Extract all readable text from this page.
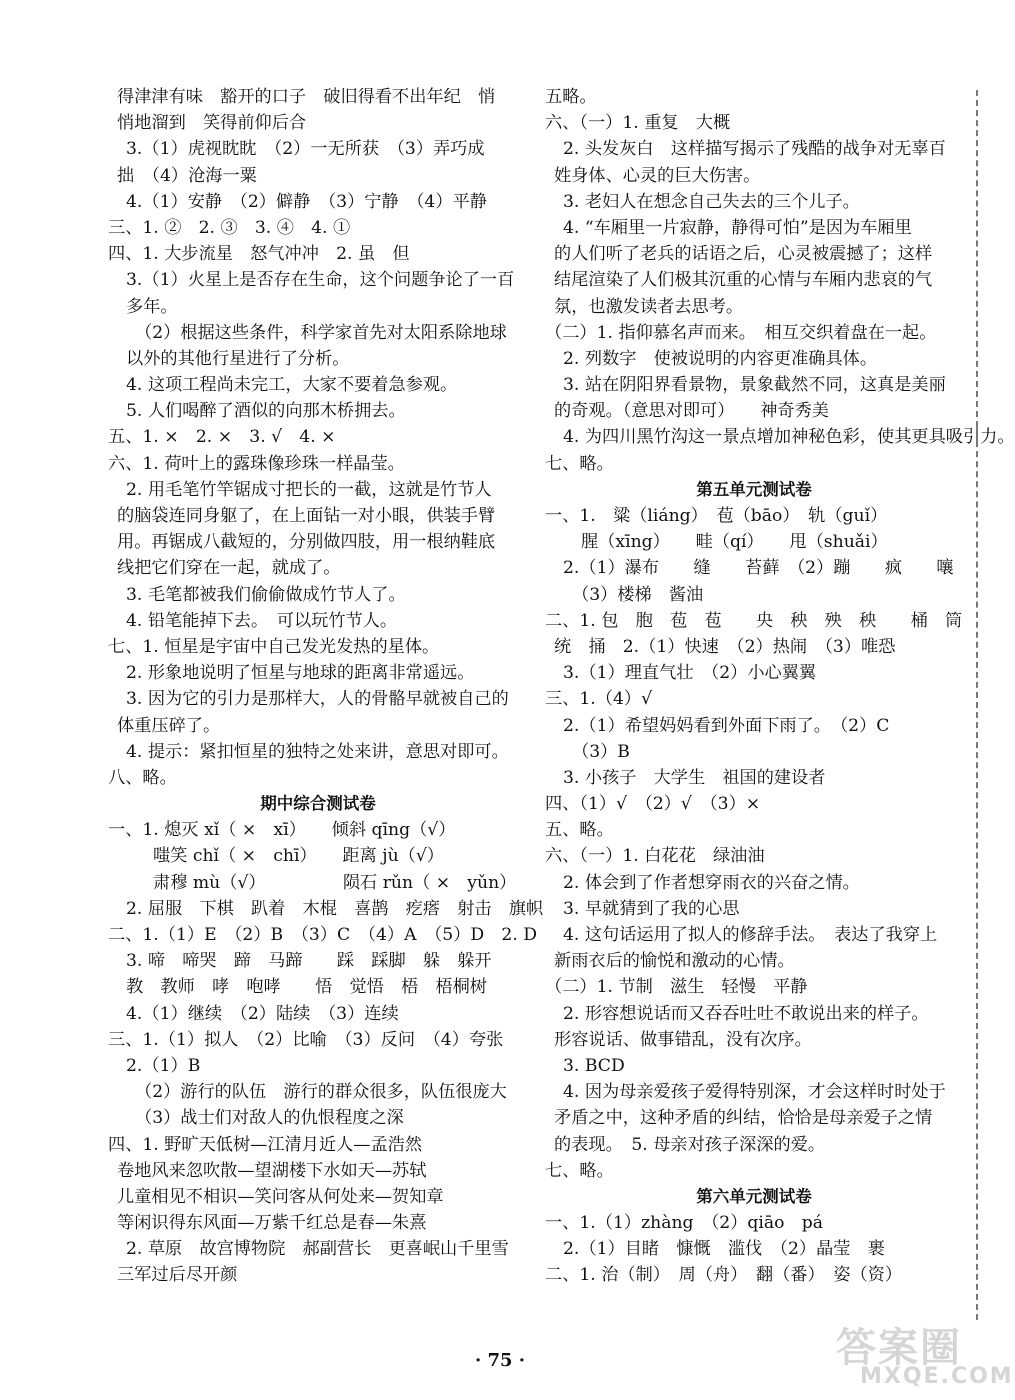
得津津有味　豁开的口子　破旧得看不出年纪　悄
悄地溜到　笑得前仰后合
3.（1）虎视眈眈　（2）一无所获　（3）弄巧成
拙　（4）沧海一粟
4.（1）安静　（2）僻静　（3）宁静　（4）平静
三、1. ②　2. ③　3. ④　4. ①
四、1. 大步流星　怒气冲冲　2. 虽　但
3.（1）火星上是否存在生命，这个问题争论了一百
多年。
（2）根据这些条件，科学家首先对太阳系除地球
以外的其他行星进行了分析。
4. 这项工程尚未完工，大家不要着急参观。
5. 人们喝醉了酒似的向那木桥拥去。
五、1. ×　2. ×　3. √　4. ×
六、1. 荷叶上的露珠像珍珠一样晶莹。
2. 用毛笔竹竿锯成寸把长的一截，这就是竹节人
的脑袋连同身躯了，在上面钻一对小眼，供装手臂
用。再锯成八截短的，分别做四肢，用一根纳鞋底
线把它们穿在一起，就成了。
3. 毛笔都被我们偷偷做成竹节人了。
4. 铅笔能掉下去。　可以玩竹节人。
七、1. 恒星是宇宙中自己发光发热的星体。
2. 形象地说明了恒星与地球的距离非常遥远。
3. 因为它的引力是那样大，人的骨骼早就被自己的
体重压碎了。
4. 提示：紧扣恒星的独特之处来讲，意思对即可。
八、略。
期中综合测试卷
一、1. 熄灭 xǐ（ ×　xī）　　倾斜 qīng（√）
嗤笑 chǐ（ ×　chī）　　距离 jù（√）
肃穆 mù（√）　　　　　陨石 rǔn（ ×　yǔn）
2. 屈服　下棋　趴着　木棍　喜鹊　疙瘩　射击　旗帜
二、1.（1）E　（2）B　（3）C　（4）A　（5）D　2. D
3. 啼　啼哭　蹄　马蹄　　踩　踩脚　躲　躲开
教　教师　哮　咆哮　　悟　觉悟　梧　梧桐树
4.（1）继续　（2）陆续　（3）连续
三、1.（1）拟人　（2）比喻　（3）反问　（4）夸张
2.（1）B
（2）游行的队伍　游行的群众很多，队伍很庞大
（3）战士们对敌人的仇恨程度之深
四、1. 野旷天低树—江清月近人—孟浩然
卷地风来忽吹散—望湖楼下水如天—苏轼
儿童相见不相识—笑问客从何处来—贺知章
等闲识得东风面—万紫千红总是春—朱熹
2. 草原　故宫博物院　郝副营长　更喜岷山千里雪
三军过后尽开颜
五略。
六、（一）1. 重复　大概
2. 头发灰白　这样描写揭示了残酷的战争对无辜百
姓身体、心灵的巨大伤害。
3. 老妇人在想念自己失去的三个儿子。
4. “车厢里一片寂静，静得可怕”是因为车厢里
的人们听了老兵的话语之后，心灵被震撼了；这样
结尾渲染了人们极其沉重的心情与车厢内悲哀的气
氛，也激发读者去思考。
（二）1. 指仰慕名声而来。　相互交织着盘在一起。
2. 列数字　使被说明的内容更准确具体。
3. 站在阴阳界看景物，景象截然不同，这真是美丽
的奇观。（意思对即可）　　神奇秀美
4. 为四川黑竹沟这一景点增加神秘色彩，使其更具吸引力。
七、略。
第五单元测试卷
一、1.　粱（liáng）　苞（bāo）　轨（guǐ）
腥（xīng）　　畦（qí）　　甩（shuǎi）
2.（1）瀑布　　缝　　苔藓　（2）蹦　　疯　　嚷
（3）楼梯　酱油
二、1. 包　胞　苞　苞　　央　秧　殃　秧　　桶　筒
统　捅　2.（1）快速　（2）热闹　（3）唯恐
3.（1）理直气壮　（2）小心翼翼
三、1.（4）√
2.（1）希望妈妈看到外面下雨了。　（2）C
（3）B
3. 小孩子　大学生　祖国的建设者
四、（1）√　（2）√　（3）×
五、略。
六、（一）1. 白花花　绿油油
2. 体会到了作者想穿雨衣的兴奋之情。
3. 早就猜到了我的心思
4. 这句话运用了拟人的修辞手法。　表达了我穿上
新雨衣后的愉悦和激动的心情。
（二）1. 节制　滋生　轻慢　平静
2. 形容想说话而又吞吞吐吐不敢说出来的样子。
形容说话、做事错乱，没有次序。
3. BCD
4. 因为母亲爱孩子爱得特别深，才会这样时时处于
矛盾之中，这种矛盾的纠结，恰恰是母亲爱子之情
的表现。　5. 母亲对孩子深深的爱。
七、略。
第六单元测试卷
一、1.（1）zhàng　（2）qiāo　pá
2.（1）目睹　慷慨　滥伐　（2）晶莹　裹
二、1. 治（制）　周（舟）　翻（番）　姿（资）
· 75 ·	答案圈
MXQE.COM
